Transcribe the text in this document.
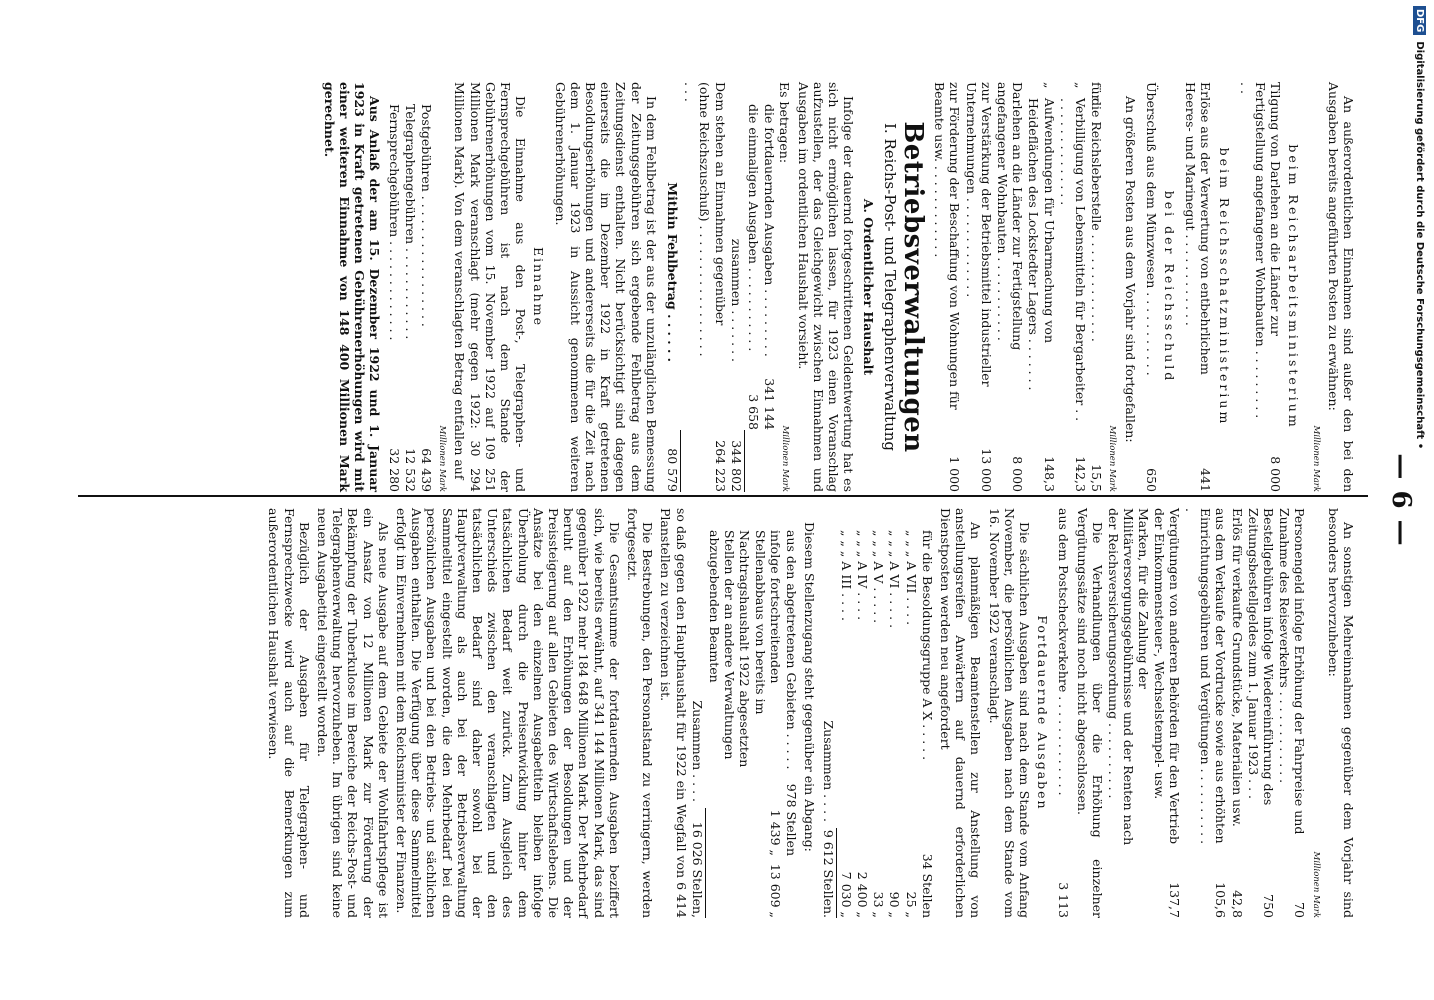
— 6 —

An außerordentlichen Einnahmen sind außer den bei den Ausgaben bereits angeführten Posten zu erwähnen:

Millionen Mark
beim Reichsarbeitsministerium
Tilgung von Darlehen an die Länder zur Fertigstellung angefangener Wohnbauten . . . . . . . . . . .
8 000
beim Reichsschatzministerium
Erlöse aus der Verwertung von entbehrlichem Heeres- und Marinegut . . . . . . . . . . . .
441
bei der Reichsschuld
Überschuß aus dem Münzwesen . . . . . . . . . . .
650

An größeren Posten aus dem Vorjahr sind fortgefallen:

Millionen Mark
für
die Reichsleberstelle . . . . . . . . . . . . . .
15,5
„
Verbilligung von Lebensmitteln für Bergarbeiter . . . . . . . . . . . . . . . .
142,3
„
Aufwendungen für Urbarmachung von Heideflächen des Lockstedter Lagers . . . . . . .
148,3
Darlehen an die Länder zur Fertigstellung angefangener Wohnbauten . . . . . . . . . . .
8 000
zur Verstärkung der Betriebsmittel industrieller Unternehmungen . . . . . . . . . . . . .
13 000
zur Förderung der Beschaffung von Wohnungen für Beamte usw. . . . . . . . . . . . .
1 000
Betriebsverwaltungen
I. Reichs-Post- und Telegraphenverwaltung
A. Ordentlicher Haushalt

Infolge der dauernd fortgeschrittenen Geldentwertung hat es sich nicht ermöglichen lassen, für 1923 einen Voranschlag aufzustellen, der das Gleichgewicht zwischen Einnahmen und Ausgaben im ordentlichen Haushalt vorsieht.

Es betragen:
Millionen Mark
die fortdauernden Ausgaben . . . . . . . . .
341 144
die einmaligen Ausgaben . . . . . . . . . . .
3 658
zusammen . . . . . . .
344 802
Dem stehen an Einnahmen gegenüber (ohne Reichszuschuß) . . . . . . . . . . . . . . . . . . . .
264 223
Mithin Fehlbetrag . . . . . .
80 579

In dem Fehlbetrag ist der aus der unzulänglichen Bemessung der Zeitungsgebühren sich ergebende Fehlbetrag aus dem Zeitungsdienst enthalten. Nicht berücksichtigt sind dagegen einerseits die im Dezember 1922 in Kraft getretenen Besoldungserhöhungen und andererseits die für die Zeit nach dem 1. Januar 1923 in Aussicht genommenen weiteren Gebührenerhöhungen.

Einnahme

Die Einnahme aus den Post-, Telegraphen- und Fernsprechgebühren ist nach dem Stande der Gebührenerhöhungen vom 15. November 1922 auf 109 251 Millionen Mark veranschlagt (mehr gegen 1922: 30 294 Millionen Mark). Von dem veranschlagten Betrag entfallen auf

Millionen Mark
Postgebühren . . . . . . . . . . . . . . . . .
64 439
Telegraphengebühren . . . . . . . . . . . .
12 532
Fernsprechgebühren . . . . . . . . . . . . .
32 280

Aus Anlaß der am 15. Dezember 1922 und 1. Januar 1923 in Kraft getretenen Gebührenerhöhungen wird mit einer weiteren Einnahme von 148 400 Millionen Mark gerechnet.

An sonstigen Mehreinnahmen gegenüber dem Vorjahr sind besonders hervorzuheben:

Millionen Mark
Personengeld infolge Erhöhung der Fahrpreise und Zunahme des Reiseverkehrs . . . . . . . . . . . .
70
Bestellgebühren infolge Wiedereinführung des Zeitungsbestellgeldes zum 1. Januar 1923 . . .
750
Erlös für verkaufte Grundstücke, Materialien usw.
42,8
aus dem Verkaufe der Vordrucke sowie aus erhöhten Einrichtungsgebühren und Vergütungen . . . . . . . . . . .
105,6
Vergütungen von anderen Behörden für den Vertrieb der Einkommensteuer-, Wechselstempel- usw. Marken, für die Zahlung der Militärversorgungsgebührnisse und der Renten nach der Reichsversicherungsordnung . . . . . . . . . .
137,7

Die Verhandlungen über die Erhöhung einzelner Vergütungssätze sind noch nicht abgeschlossen.

aus dem Postscheckverkehre . . . . . . . . . . . . .
3 113
Fortdauernde Ausgaben

Die sächlichen Ausgaben sind nach dem Stande vom Anfang November, die persönlichen Ausgaben nach dem Stande vom 16. November 1922 veranschlagt.

An planmäßigen Beamtenstellen zur Anstellung von anstellungsreifen Anwärtern auf dauernd erforderlichen Dienstposten werden neu angefordert

für die Besoldungsgruppe A X . . . . .
34 Stellen
„ „ „ A VII . . . .
25 „
„ „ „ A VI . . . . .
90 „
„ „ „ A V . . . . .
33 „
„ „ „ A IV . . . .
2 400 „
„ „ „ A III . . . .
7 030 „
Zusammen . . . .
9 612 Stellen.

Diesem Stellenzugang steht gegenüber ein Abgang:

aus den abgetretenen Gebieten . . . . .
978 Stellen
infolge fortschreitenden Stellenabbaus von bereits im Nachtragshaushalt 1922 abgesetzten Stellen der an andere Verwaltungen abzugebenden Beamten
1 439 „
13 609 „
Zusammen . . . .
16 026 Stellen,

so daß gegen den Haupthaushalt für 1922 ein Wegfall von 6 414 Planstellen zu verzeichnen ist.

Die Bestrebungen, den Personalstand zu verringern, werden fortgesetzt.

Die Gesamtsumme der fortdauernden Ausgaben beziffert sich, wie bereits erwähnt, auf 341 144 Millionen Mark, das sind gegenüber 1922 mehr 184 648 Millionen Mark. Der Mehrbedarf beruht auf den Erhöhungen der Besoldungen und der Preissteigerung auf allen Gebieten des Wirtschaftslebens. Die Ansätze bei den einzelnen Ausgabetiteln bleiben infolge Überholung durch die Preisentwicklung hinter dem tatsächlichen Bedarf weit zurück. Zum Ausgleich des Unterschieds zwischen den veranschlagten und den tatsächlichen Bedarf sind daher sowohl bei der Hauptverwaltung als auch bei der Betriebsverwaltung Sammeltitel eingestellt worden, die den Mehrbedarf bei den persönlichen Ausgaben und bei den Betriebs- und sächlichen Ausgaben enthalten. Die Verfügung über diese Sammelmittel erfolgt im Einvernehmen mit dem Reichsminister der Finanzen.

Als neue Ausgabe auf dem Gebiete der Wohlfahrtspflege ist ein Ansatz von 12 Millionen Mark zur Förderung der Bekämpfung der Tuberkulose im Bereiche der Reichs-Post- und Telegraphenverwaltung hervorzuheben. Im übrigen sind keine neuen Ausgabetitel eingestellt worden.

Bezüglich der Ausgaben für Telegraphen- und Fernsprechzwecke wird auch auf die Bemerkungen zum außerordentlichen Haushalt verwiesen.

DFG
Digitalisierung gefördert durch die Deutsche Forschungsgemeinschaft •
